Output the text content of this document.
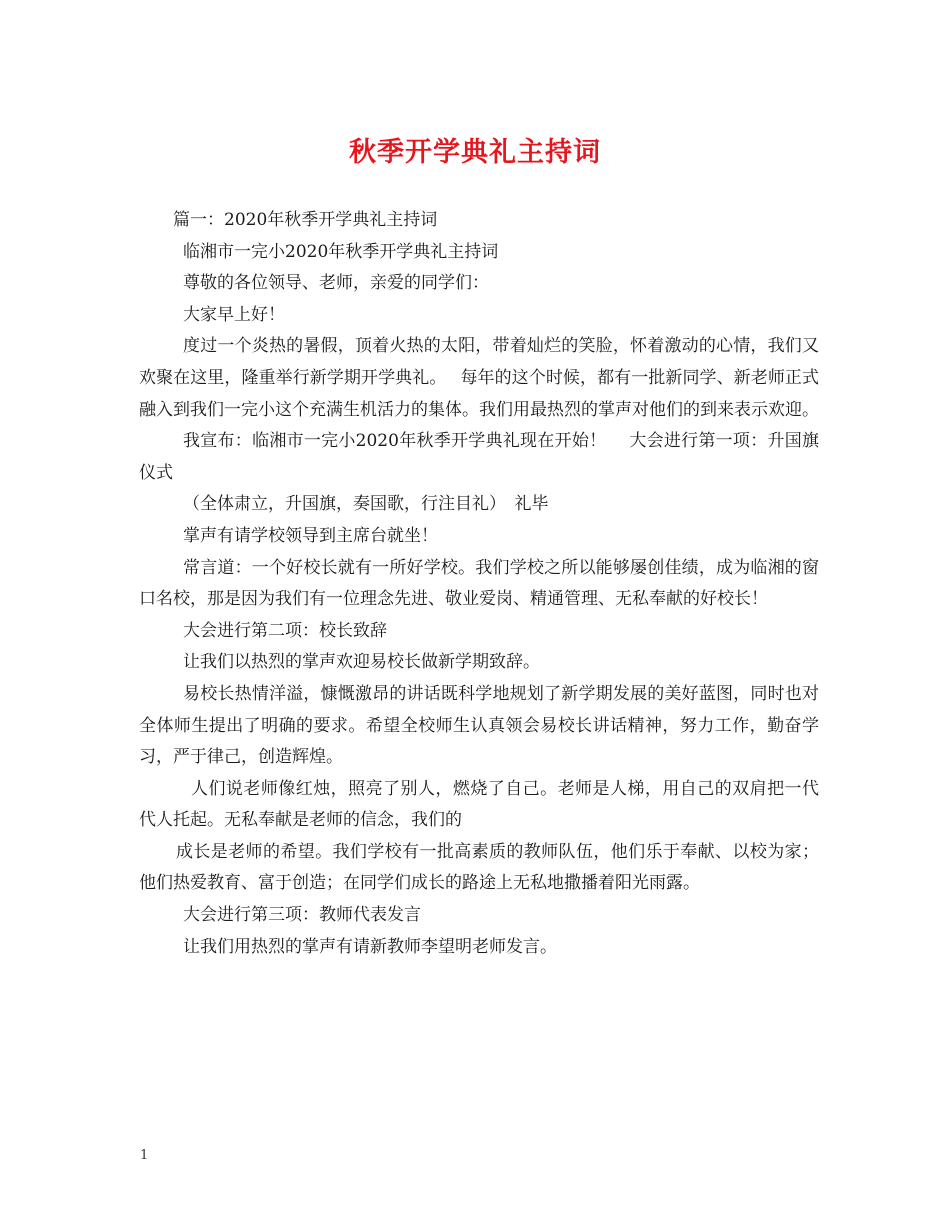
秋季开学典礼主持词

篇一：2020年秋季开学典礼主持词

临湘市一完小2020年秋季开学典礼主持词

尊敬的各位领导、老师，亲爱的同学们：

大家早上好！

度过一个炎热的暑假，顶着火热的太阳，带着灿烂的笑脸，怀着激动的心情，我们又欢聚在这里，隆重举行新学期开学典礼。　 每年的这个时候，都有一批新同学、新老师正式融入到我们一完小这个充满生机活力的集体。我们用最热烈的掌声对他们的到来表示欢迎。

我宣布：临湘市一完小2020年秋季开学典礼现在开始！　 大会进行第一项：升国旗仪式

（全体肃立，升国旗，奏国歌，行注目礼）　礼毕

掌声有请学校领导到主席台就坐！

常言道：一个好校长就有一所好学校。我们学校之所以能够屡创佳绩，成为临湘的窗口名校，那是因为我们有一位理念先进、敬业爱岗、精通管理、无私奉献的好校长！

大会进行第二项：校长致辞

让我们以热烈的掌声欢迎易校长做新学期致辞。

易校长热情洋溢，慷慨激昂的讲话既科学地规划了新学期发展的美好蓝图，同时也对全体师生提出了明确的要求。希望全校师生认真领会易校长讲话精神，努力工作，勤奋学习，严于律己，创造辉煌。

人们说老师像红烛，照亮了别人，燃烧了自己。老师是人梯，用自己的双肩把一代代人托起。无私奉献是老师的信念，我们的

成长是老师的希望。我们学校有一批高素质的教师队伍，他们乐于奉献、以校为家；他们热爱教育、富于创造；在同学们成长的路途上无私地撒播着阳光雨露。

大会进行第三项：教师代表发言

让我们用热烈的掌声有请新教师李望明老师发言。

1
